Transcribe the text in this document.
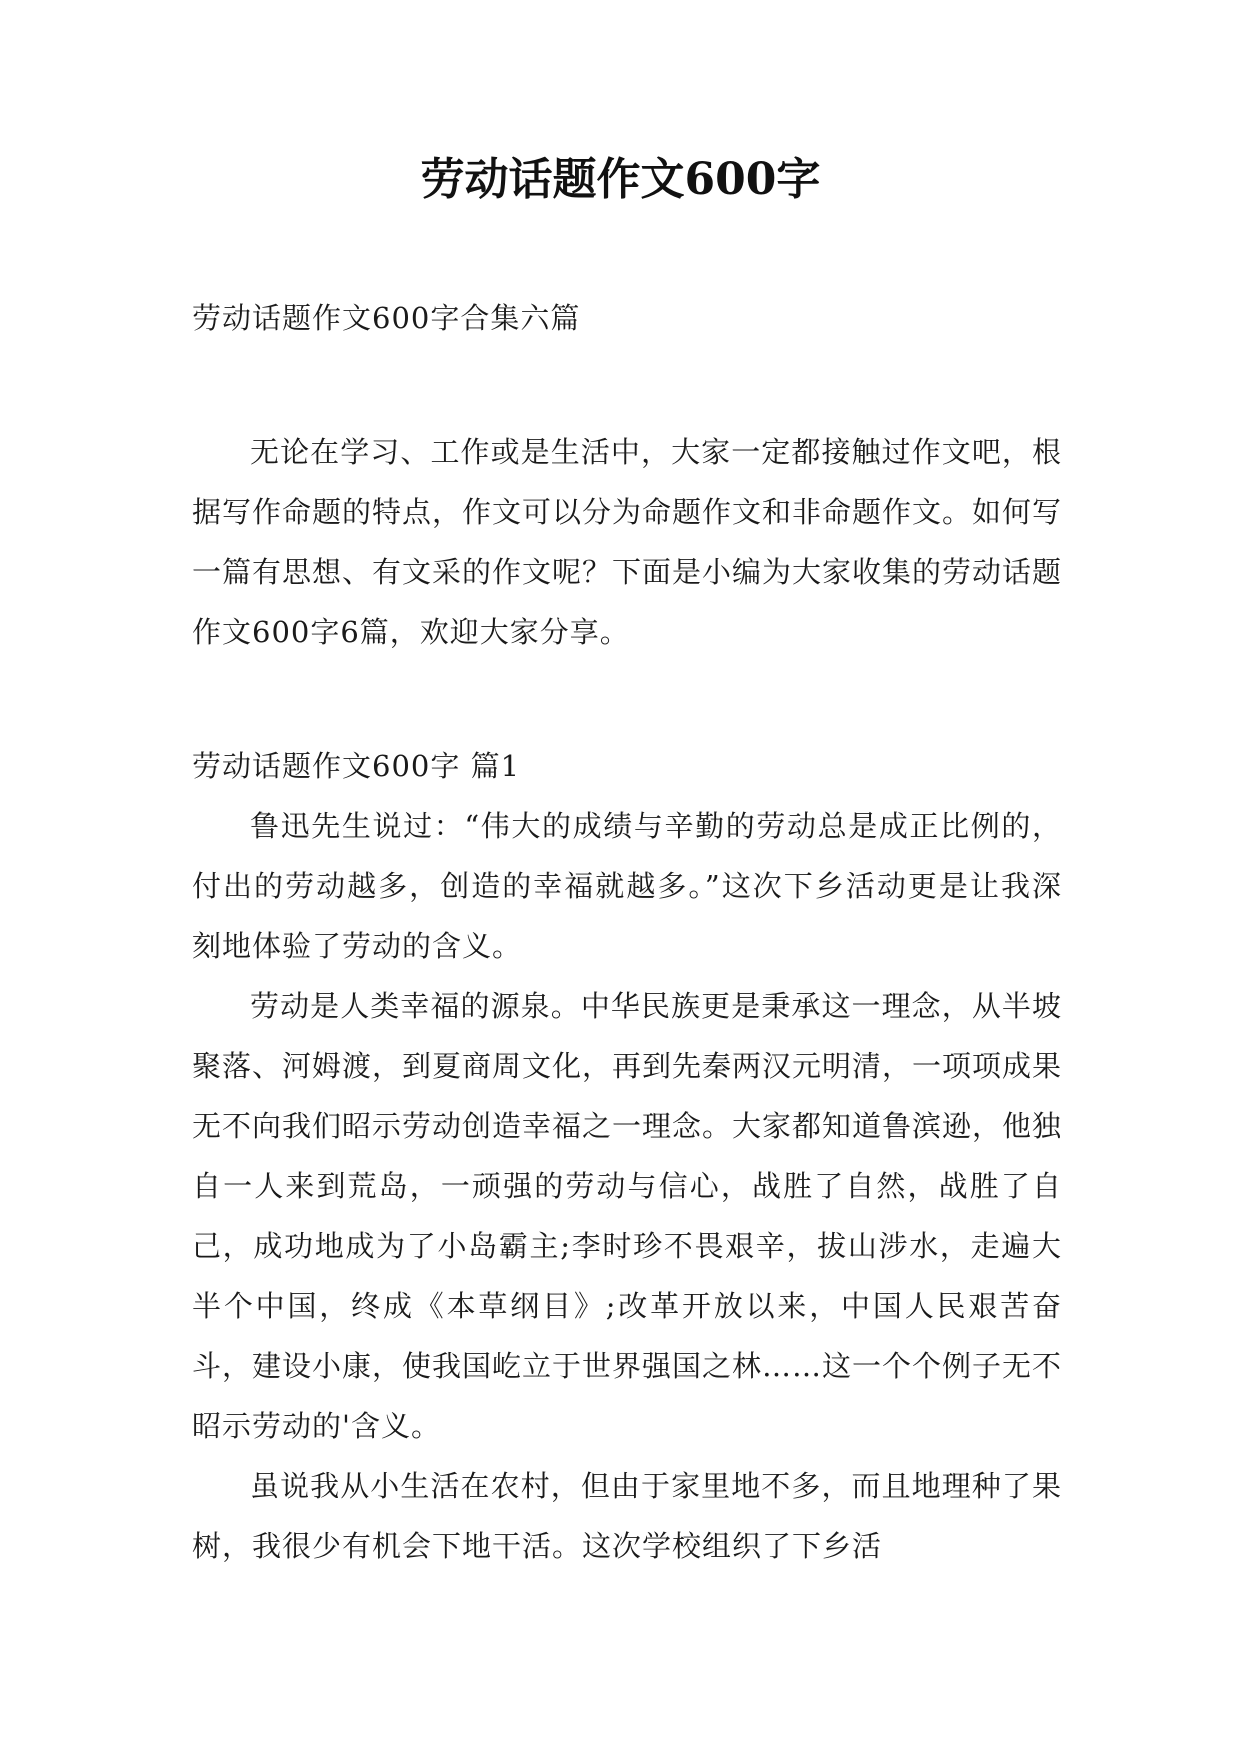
劳动话题作文600字

劳动话题作文600字合集六篇

无论在学习、工作或是生活中，大家一定都接触过作文吧，根据写作命题的特点，作文可以分为命题作文和非命题作文。如何写一篇有思想、有文采的作文呢？下面是小编为大家收集的劳动话题作文600字6篇，欢迎大家分享。

劳动话题作文600字 篇1

鲁迅先生说过：“伟大的成绩与辛勤的劳动总是成正比例的，付出的劳动越多，创造的幸福就越多。”这次下乡活动更是让我深刻地体验了劳动的含义。

劳动是人类幸福的源泉。中华民族更是秉承这一理念，从半坡聚落、河姆渡，到夏商周文化，再到先秦两汉元明清，一项项成果无不向我们昭示劳动创造幸福之一理念。大家都知道鲁滨逊，他独自一人来到荒岛，一顽强的劳动与信心，战胜了自然，战胜了自己，成功地成为了小岛霸主;李时珍不畏艰辛，拔山涉水，走遍大半个中国，终成《本草纲目》;改革开放以来，中国人民艰苦奋斗，建设小康，使我国屹立于世界强国之林……这一个个例子无不昭示劳动的'含义。

虽说我从小生活在农村，但由于家里地不多，而且地理种了果树，我很少有机会下地干活。这次学校组织了下乡活
